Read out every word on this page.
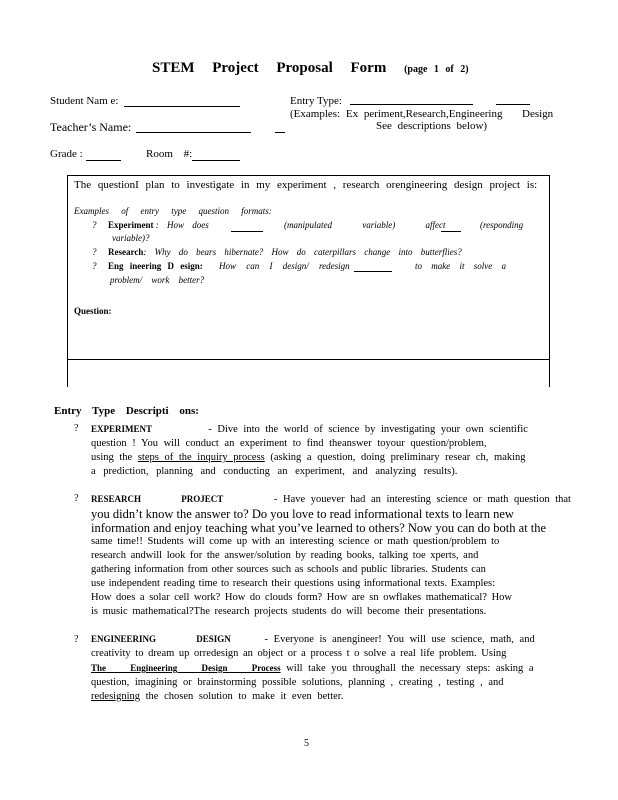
STEM Project Proposal Form (page 1 of 2)
Student Nam e:	Entry Type:
(Examples: Ex periment,Research,Engineering Design
See descriptions below)
Teacher’s Name:
Grade :	Room #:
The questionI plan to investigate in my experiment , research orengineering design project is:
Examples of entry type question formats:
? Experiment : How does	(manipulated variable) affect	(responding
variable)?
? Research: Why do bears hibernate? How do caterpillars change into butterflies?
? Eng ineering D esign: How can I design/ redesign	to make it solve a
problem/ work better?
Question:
Entry Type Descripti ons:
? EXPERIMENT	- Dive into the world of science by investigating your own scientific
question ! You will conduct an experiment to find theanswer toyour question/problem,
using the steps of the inquiry process (asking a question, doing preliminary resear ch, making
a prediction, planning and conducting an experiment, and analyzing results).
? RESEARCH PROJECT	- Have youever had an interesting science or math question that
you didn’t know the answer to? Do you love to read informational texts to learn new
information and enjoy teaching what you’ve learned to others? Now you can do both at the
same time!! Students will come up with an interesting science or math question/problem to
research andwill look for the answer/solution by reading books, talking toe xperts, and
gathering information from other sources such as schools and public libraries. Students can
use independent reading time to research their questions using informational texts. Examples:
How does a solar cell work? How do clouds form? How are sn owflakes mathematical? How
is music mathematical?The research projects students do will become their presentations.
? ENGINEERING DESIGN	- Everyone is anengineer! You will use science, math, and
creativity to dream up orredesign an object or a process t o solve a real life problem. Using
The Engineering Design Process will take you throughall the necessary steps: asking a
question, imagining or brainstorming possible solutions, planning , creating , testing , and
redesigning the chosen solution to make it even better.
5
